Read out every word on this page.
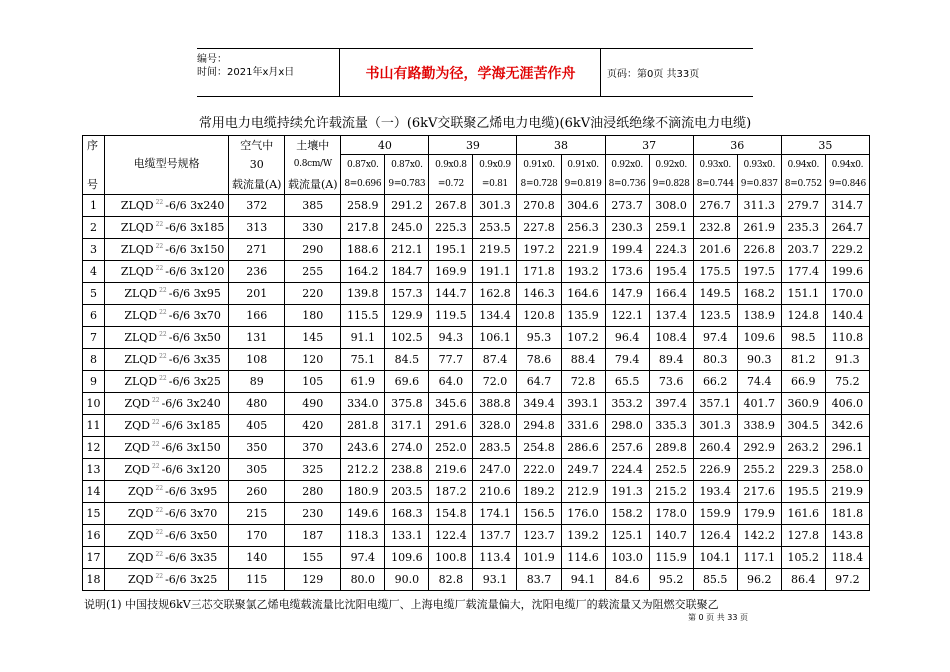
编号：
时间：2021年x月x日	书山有路勤为径，学海无涯苦作舟	页码：第0页 共33页
常用电力电缆持续允许载流量（一）(6kV交联聚乙烯电力电缆)(6kV油浸纸绝缘不滴流电力电缆)
序		空气中	土壤中	40		39		38		37		36		35	
	电缆型号规格	30	0.8cm/W	0.87x0.	0.87x0.	0.9x0.8	0.9x0.9	0.91x0.	0.91x0.	0.92x0.	0.92x0.	0.93x0.	0.93x0.	0.94x0.	0.94x0.
号		载流量(A)	载流量(A)	8=0.696	9=0.783	=0.72	=0.81	8=0.728	9=0.819	8=0.736	9=0.828	8=0.744	9=0.837	8=0.752	9=0.846
1	ZLQD $^{22}$ -6/6 3x240	372	385	258.9	291.2	267.8	301.3	270.8	304.6	273.7	308.0	276.7	311.3	279.7	314.7
2	ZLQD $^{22}$ -6/6 3x185	313	330	217.8	245.0	225.3	253.5	227.8	256.3	230.3	259.1	232.8	261.9	235.3	264.7
3	ZLQD $^{22}$ -6/6 3x150	271	290	188.6	212.1	195.1	219.5	197.2	221.9	199.4	224.3	201.6	226.8	203.7	229.2
4	ZLQD $^{22}$ -6/6 3x120	236	255	164.2	184.7	169.9	191.1	171.8	193.2	173.6	195.4	175.5	197.5	177.4	199.6
5	ZLQD $^{22}$ -6/6 3x95	201	220	139.8	157.3	144.7	162.8	146.3	164.6	147.9	166.4	149.5	168.2	151.1	170.0
6	ZLQD $^{22}$ -6/6 3x70	166	180	115.5	129.9	119.5	134.4	120.8	135.9	122.1	137.4	123.5	138.9	124.8	140.4
7	ZLQD $^{22}$ -6/6 3x50	131	145	91.1	102.5	94.3	106.1	95.3	107.2	96.4	108.4	97.4	109.6	98.5	110.8
8	ZLQD $^{22}$ -6/6 3x35	108	120	75.1	84.5	77.7	87.4	78.6	88.4	79.4	89.4	80.3	90.3	81.2	91.3
9	ZLQD $^{22}$ -6/6 3x25	89	105	61.9	69.6	64.0	72.0	64.7	72.8	65.5	73.6	66.2	74.4	66.9	75.2
10	ZQD $^{22}$ -6/6 3x240	480	490	334.0	375.8	345.6	388.8	349.4	393.1	353.2	397.4	357.1	401.7	360.9	406.0
11	ZQD $^{22}$ -6/6 3x185	405	420	281.8	317.1	291.6	328.0	294.8	331.6	298.0	335.3	301.3	338.9	304.5	342.6
12	ZQD $^{22}$ -6/6 3x150	350	370	243.6	274.0	252.0	283.5	254.8	286.6	257.6	289.8	260.4	292.9	263.2	296.1
13	ZQD $^{22}$ -6/6 3x120	305	325	212.2	238.8	219.6	247.0	222.0	249.7	224.4	252.5	226.9	255.2	229.3	258.0
14	ZQD $^{22}$ -6/6 3x95	260	280	180.9	203.5	187.2	210.6	189.2	212.9	191.3	215.2	193.4	217.6	195.5	219.9
15	ZQD $^{22}$ -6/6 3x70	215	230	149.6	168.3	154.8	174.1	156.5	176.0	158.2	178.0	159.9	179.9	161.6	181.8
16	ZQD $^{22}$ -6/6 3x50	170	187	118.3	133.1	122.4	137.7	123.7	139.2	125.1	140.7	126.4	142.2	127.8	143.8
17	ZQD $^{22}$ -6/6 3x35	140	155	97.4	109.6	100.8	113.4	101.9	114.6	103.0	115.9	104.1	117.1	105.2	118.4
18	ZQD $^{22}$ -6/6 3x25	115	129	80.0	90.0	82.8	93.1	83.7	94.1	84.6	95.2	85.5	96.2	86.4	97.2
说明(1) 中国技规6kV三芯交联聚氯乙烯电缆载流量比沈阳电缆厂、上海电缆厂载流量偏大，沈阳电缆厂的载流量又为阻燃交联聚乙
第 0 页 共 33 页
